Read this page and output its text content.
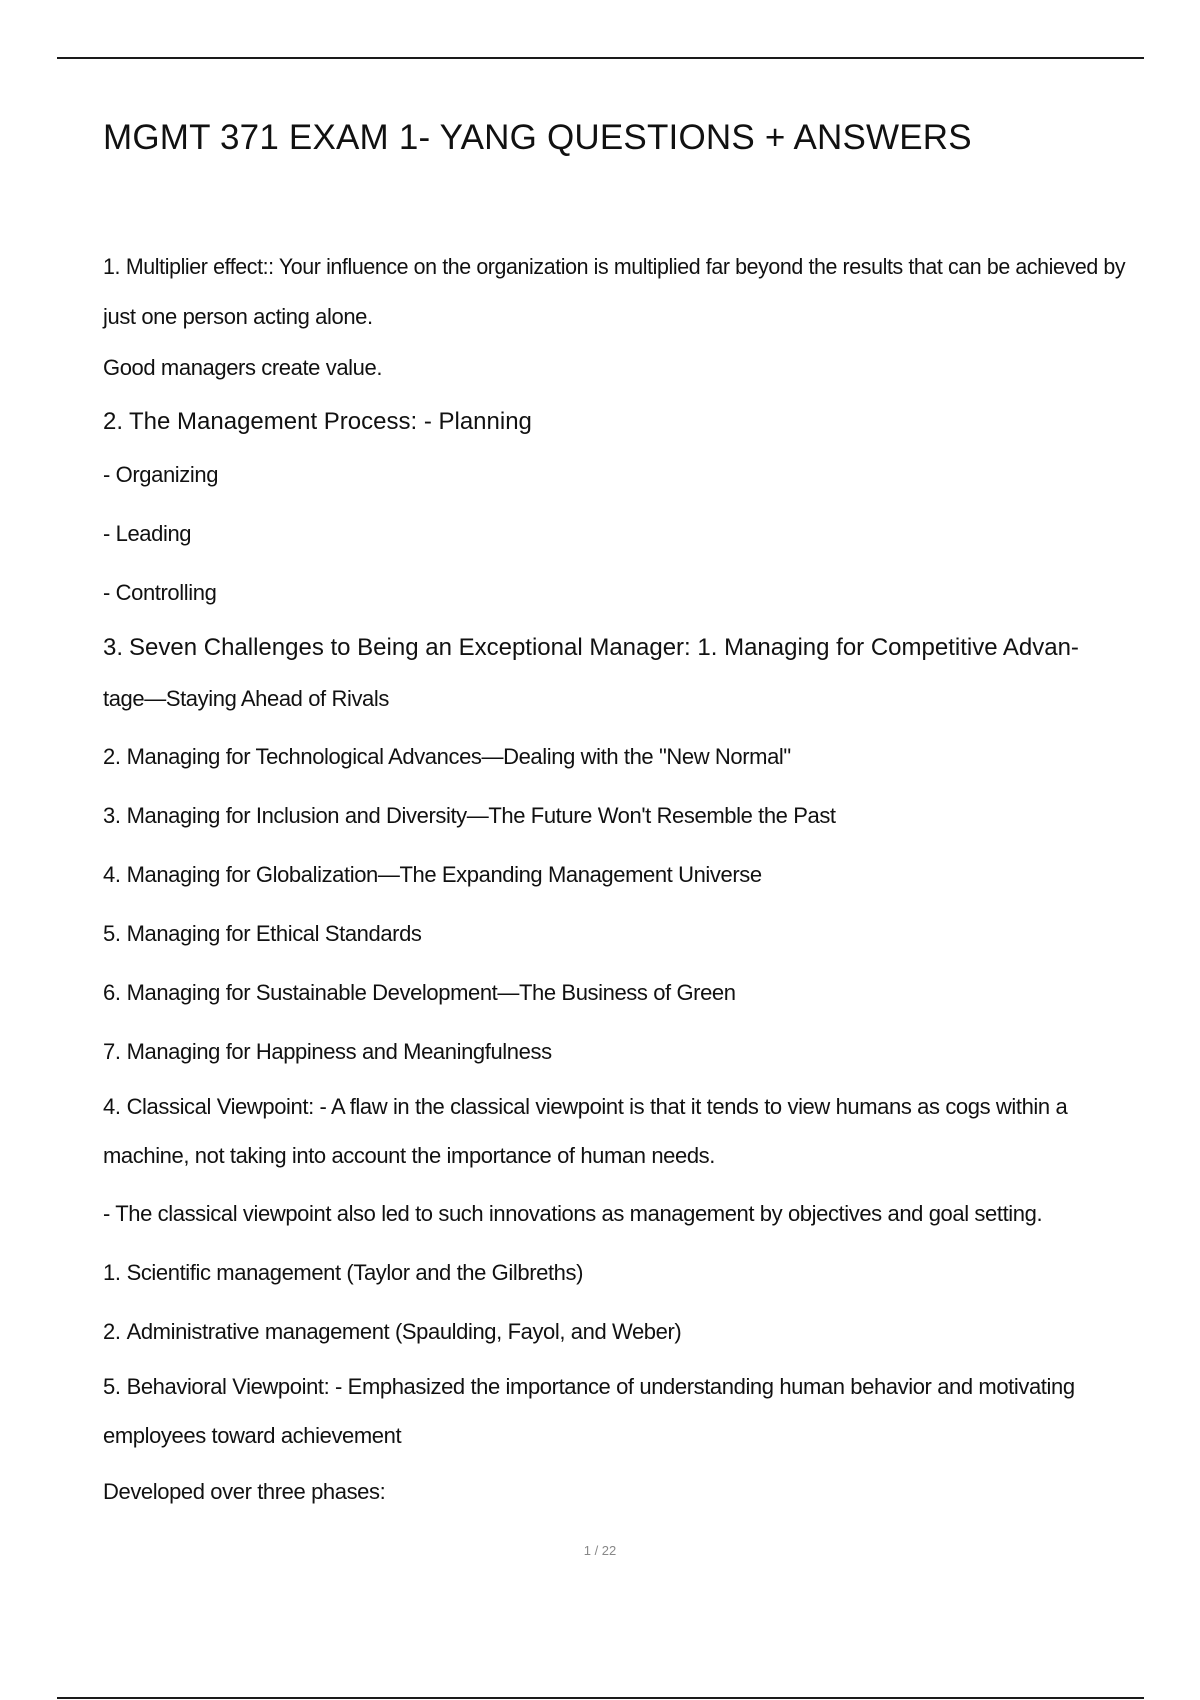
MGMT 371 EXAM 1- YANG QUESTIONS + ANSWERS
1. Multiplier effect:: Your influence on the organization is multiplied far beyond the results that can be achieved by
just one person acting alone.
Good managers create value.
2. The Management Process: - Planning
- Organizing
- Leading
- Controlling
3. Seven Challenges to Being an Exceptional Manager: 1. Managing for Competitive Advan-
tage—Staying Ahead of Rivals
2. Managing for Technological Advances—Dealing with the "New Normal"
3. Managing for Inclusion and Diversity—The Future Won't Resemble the Past
4. Managing for Globalization—The Expanding Management Universe
5. Managing for Ethical Standards
6. Managing for Sustainable Development—The Business of Green
7. Managing for Happiness and Meaningfulness
4. Classical Viewpoint: - A flaw in the classical viewpoint is that it tends to view humans as cogs within a
machine, not taking into account the importance of human needs.
- The classical viewpoint also led to such innovations as management by objectives and goal setting.
1. Scientific management (Taylor and the Gilbreths)
2. Administrative management (Spaulding, Fayol, and Weber)
5. Behavioral Viewpoint: - Emphasized the importance of understanding human behavior and motivating
employees toward achievement
Developed over three phases:
1 / 22
